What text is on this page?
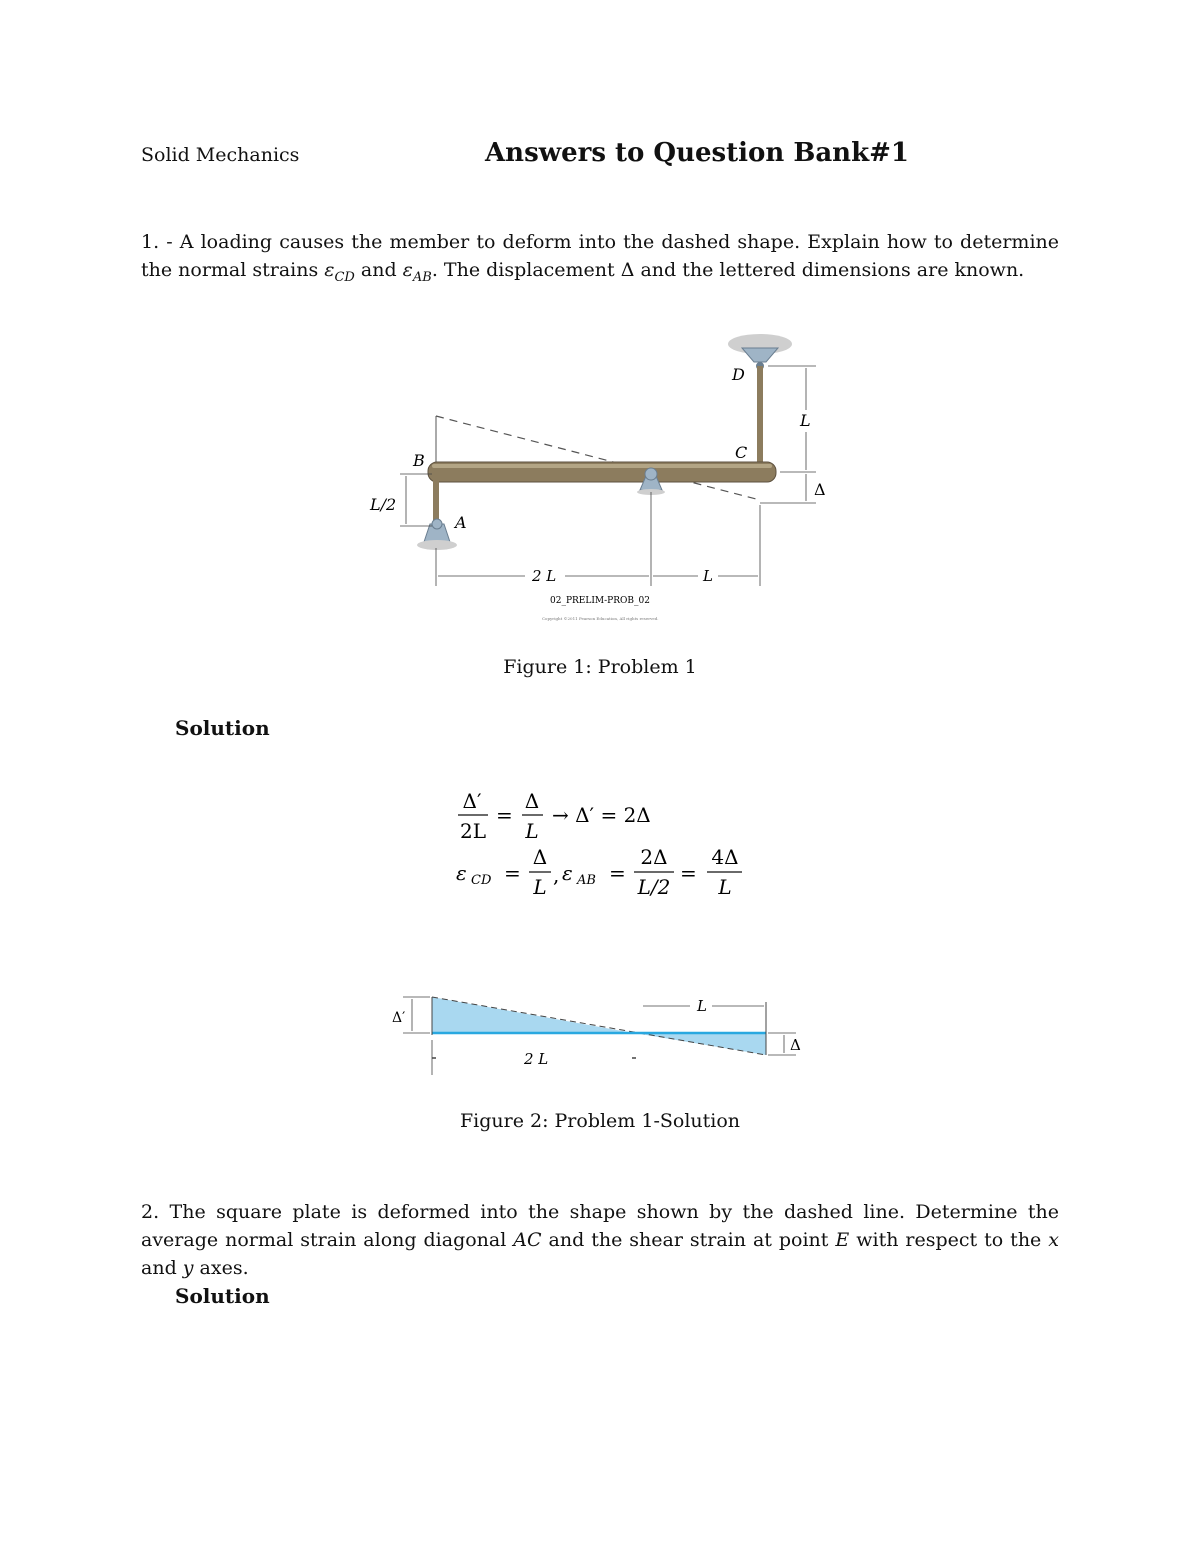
Solid Mechanics	Answers to Question Bank#1
1. - A loading causes the member to deform into the dashed shape. Explain how to determine the normal strains $\varepsilon_{CD}$ and $\varepsilon_{AB}$. The displacement Δ and the lettered dimensions are known.
D
C
B
A
L/2
L
Δ
2 L	L
02_PRELIM-PROB_02
Copyright ©2011 Pearson Education, All rights reserved.
Figure 1: Problem 1
Solution
Δ′
2L
=
Δ
L
→ Δ′ = 2Δ
ε CD =
Δ
L , ε AB =
2Δ
L/2
=
4Δ
L
Δ′
2 L
L
Δ
Figure 2: Problem 1-Solution
2. The square plate is deformed into the shape shown by the dashed line. Determine the average normal strain along diagonal AC and the shear strain at point E with respect to the x and y axes.
Solution
